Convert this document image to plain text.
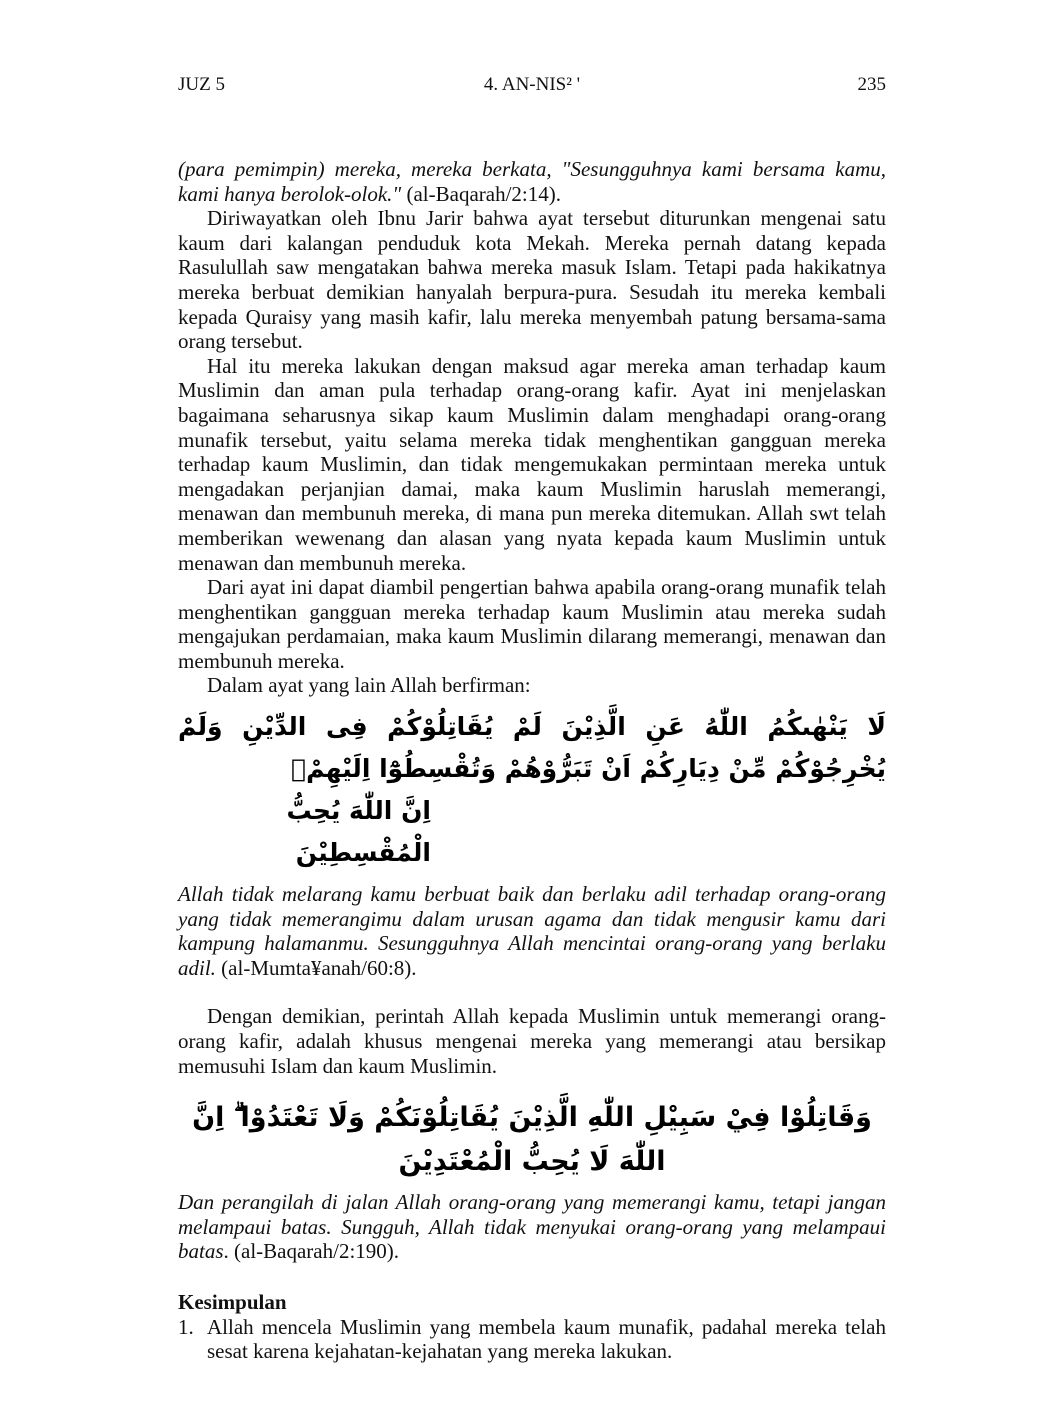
JUZ 5	4. AN-NIS² '	235

(para pemimpin) mereka, mereka berkata, "Sesungguhnya kami bersama kamu, kami hanya berolok-olok." (al-Baqarah/2:14).

Diriwayatkan oleh Ibnu Jarir bahwa ayat tersebut diturunkan mengenai satu kaum dari kalangan penduduk kota Mekah. Mereka pernah datang kepada Rasulullah saw mengatakan bahwa mereka masuk Islam. Tetapi pada hakikatnya mereka berbuat demikian hanyalah berpura-pura. Sesudah itu mereka kembali kepada Quraisy yang masih kafir, lalu mereka menyembah patung bersama-sama orang tersebut.

Hal itu mereka lakukan dengan maksud agar mereka aman terhadap kaum Muslimin dan aman pula terhadap orang-orang kafir. Ayat ini menjelaskan bagaimana seharusnya sikap kaum Muslimin dalam menghadapi orang-orang munafik tersebut, yaitu selama mereka tidak menghentikan gangguan mereka terhadap kaum Muslimin, dan tidak mengemukakan permintaan mereka untuk mengadakan perjanjian damai, maka kaum Muslimin haruslah memerangi, menawan dan membunuh mereka, di mana pun mereka ditemukan. Allah swt telah memberikan wewenang dan alasan yang nyata kepada kaum Muslimin untuk menawan dan membunuh mereka.

Dari ayat ini dapat diambil pengertian bahwa apabila orang-orang munafik telah menghentikan gangguan mereka terhadap kaum Muslimin atau mereka sudah mengajukan perdamaian, maka kaum Muslimin dilarang memerangi, menawan dan membunuh mereka.

Dalam ayat yang lain Allah berfirman:

لَا يَنْهٰىكُمُ اللّٰهُ عَنِ الَّذِيْنَ لَمْ يُقَاتِلُوْكُمْ فِى الدِّيْنِ وَلَمْ يُخْرِجُوْكُمْ مِّنْ دِيَارِكُمْ اَنْ تَبَرُّوْهُمْ وَتُقْسِطُوْٓا اِلَيْهِمْۗ
اِنَّ اللّٰهَ يُحِبُّ الْمُقْسِطِيْنَ

Allah tidak melarang kamu berbuat baik dan berlaku adil terhadap orang-orang yang tidak memerangimu dalam urusan agama dan tidak mengusir kamu dari kampung halamanmu. Sesungguhnya Allah mencintai orang-orang yang berlaku adil. (al-Mumta¥anah/60:8).

Dengan demikian, perintah Allah kepada Muslimin untuk memerangi orang-orang kafir, adalah khusus mengenai mereka yang memerangi atau bersikap memusuhi Islam dan kaum Muslimin.

وَقَاتِلُوْا فِيْ سَبِيْلِ اللّٰهِ الَّذِيْنَ يُقَاتِلُوْنَكُمْ وَلَا تَعْتَدُوْا ۗ اِنَّ اللّٰهَ لَا يُحِبُّ الْمُعْتَدِيْنَ

Dan perangilah di jalan Allah orang-orang yang memerangi kamu, tetapi jangan melampaui batas. Sungguh, Allah tidak menyukai orang-orang yang melampaui batas. (al-Baqarah/2:190).

Kesimpulan
1. Allah mencela Muslimin yang membela kaum munafik, padahal mereka telah sesat karena kejahatan-kejahatan yang mereka lakukan.
